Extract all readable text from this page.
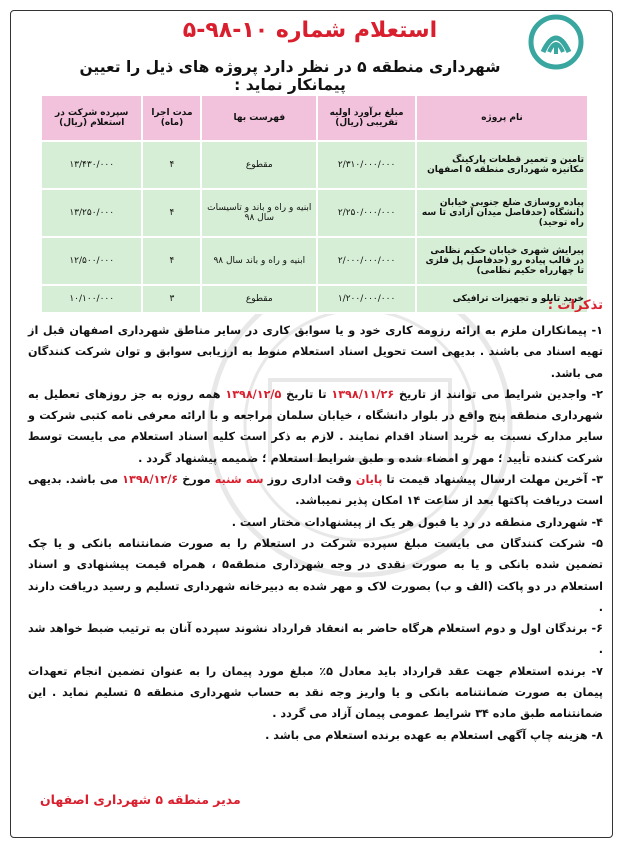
استعلام شماره ۱۰-۹۸-۵
شهرداری منطقه ۵ در نظر دارد پروژه های ذیل را تعیین پیمانکار نماید :
نام پروژه	مبلغ برآورد اولیه تقریبی (ریال)	فهرست بها	مدت اجرا (ماه)	سپرده شرکت در استعلام (ریال)
تامین و تعمیر قطعات پارکینگ مکانیزه شهرداری منطقه ۵ اصفهان	۲/۳۱۰/۰۰۰/۰۰۰	مقطوع	۴	۱۳/۴۳۰/۰۰۰
پیاده روسازی ضلع جنوبی خیابان دانشگاه (حدفاصل میدان آزادی تا سه راه توحید)	۲/۲۵۰/۰۰۰/۰۰۰	ابنیه و راه و باند و تاسیسات سال ۹۸	۴	۱۳/۲۵۰/۰۰۰
پیرایش شهری خیابان حکیم نظامی در قالب پیاده رو (حدفاصل پل فلزی تا چهارراه حکیم نظامی)	۲/۰۰۰/۰۰۰/۰۰۰	ابنیه و راه و باند سال ۹۸	۴	۱۲/۵۰۰/۰۰۰
خرید تابلو و تجهیزات ترافیکی	۱/۲۰۰/۰۰۰/۰۰۰	مقطوع	۳	۱۰/۱۰۰/۰۰۰	تذکرات :

۱- پیمانکاران ملزم به ارائه رزومه کاری خود و یا سوابق کاری در سایر مناطق شهرداری اصفهان قبل از تهیه اسناد می باشند . بدیهی است تحویل اسناد استعلام منوط به ارزیابی سوابق و توان شرکت کنندگان می باشد.

۲- واجدین شرایط می توانند از تاریخ ۱۳۹۸/۱۱/۲۶ تا تاریخ ۱۳۹۸/۱۲/۵ همه روزه به جز روزهای تعطیل به شهرداری منطقه پنج واقع در بلوار دانشگاه ، خیابان سلمان مراجعه و با ارائه معرفی نامه کتبی شرکت و سایر مدارک نسبت به خرید اسناد اقدام نمایند . لازم به ذکر است کلیه اسناد استعلام می بایست توسط شرکت کننده تأیید ؛ مهر و امضاء شده و طبق شرایط استعلام ؛ ضمیمه پیشنهاد گردد .

۳- آخرین مهلت ارسال پیشنهاد قیمت تا پایان وقت اداری روز سه شنبه مورخ ۱۳۹۸/۱۲/۶ می باشد. بدیهی است دریافت پاکتها بعد از ساعت ۱۴ امکان پذیر نمیباشد.

۴- شهرداری منطقه در رد یا قبول هر یک از پیشنهادات مختار است .

۵- شرکت کنندگان می بایست مبلغ سپرده شرکت در استعلام را به صورت ضمانتنامه بانکی و یا چک تضمین شده بانکی و یا به صورت نقدی در وجه شهرداری منطقه۵ ، همراه قیمت پیشنهادی و اسناد استعلام در دو پاکت (الف و ب) بصورت لاک و مهر شده به دبیرخانه شهرداری تسلیم و رسید دریافت دارند .

۶- برندگان اول و دوم استعلام هرگاه حاضر به انعقاد قرارداد نشوند سپرده آنان به ترتیب ضبط خواهد شد .

۷- برنده استعلام جهت عقد قرارداد باید معادل ۵٪ مبلغ مورد پیمان را به عنوان تضمین انجام تعهدات پیمان به صورت ضمانتنامه بانکی و یا واریز وجه نقد به حساب شهرداری منطقه ۵ تسلیم نماید . این ضمانتنامه طبق ماده ۳۴ شرایط عمومی پیمان آزاد می گردد .

۸- هزینه چاپ آگهی استعلام به عهده برنده استعلام می باشد .

مدیر منطقه ۵ شهرداری اصفهان
